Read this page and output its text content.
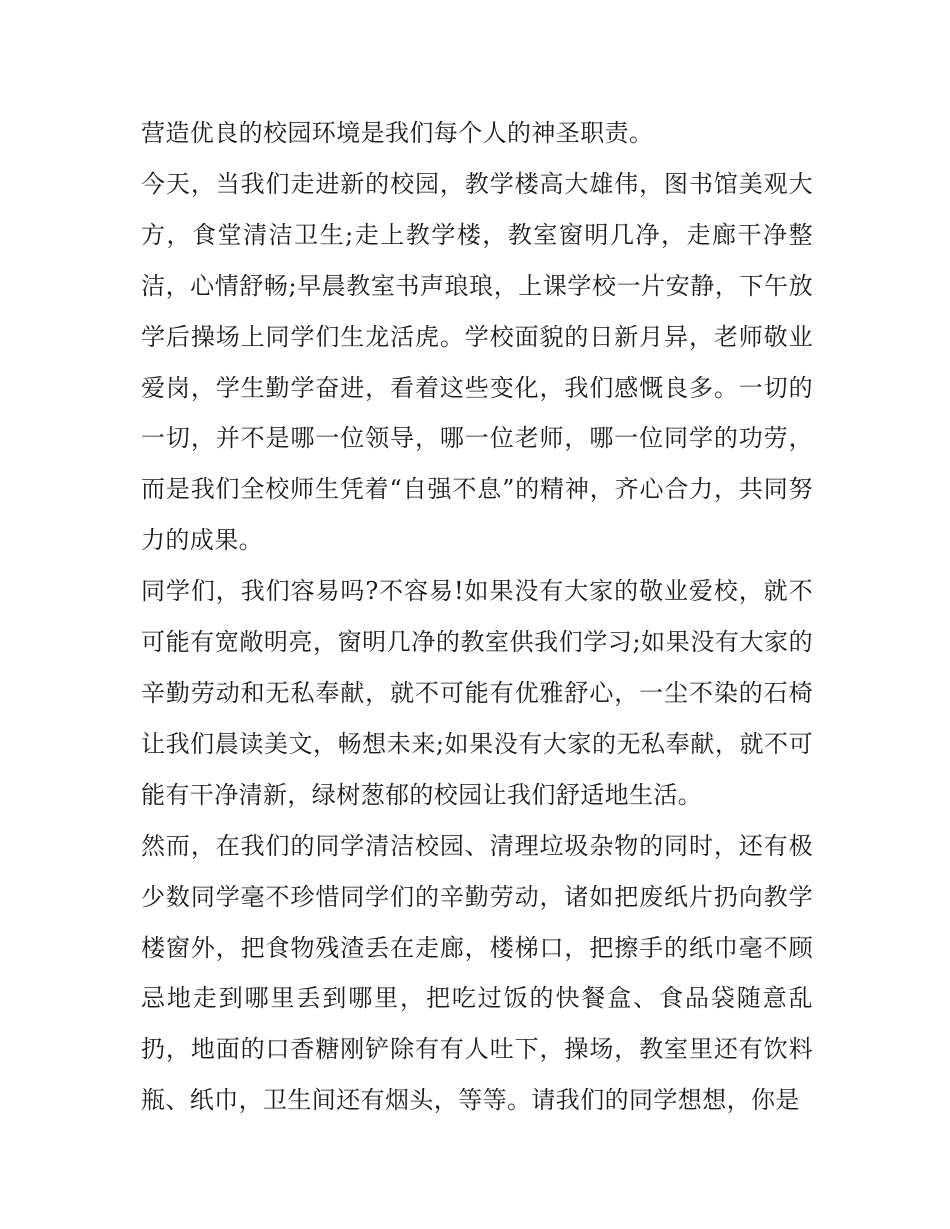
营造优良的校园环境是我们每个人的神圣职责。

今天，当我们走进新的校园，教学楼高大雄伟，图书馆美观大方，食堂清洁卫生;走上教学楼，教室窗明几净，走廊干净整洁，心情舒畅;早晨教室书声琅琅，上课学校一片安静，下午放学后操场上同学们生龙活虎。学校面貌的日新月异，老师敬业爱岗，学生勤学奋进，看着这些变化，我们感慨良多。一切的一切，并不是哪一位领导，哪一位老师，哪一位同学的功劳，而是我们全校师生凭着“自强不息”的精神，齐心合力，共同努力的成果。

同学们，我们容易吗?不容易!如果没有大家的敬业爱校，就不可能有宽敞明亮，窗明几净的教室供我们学习;如果没有大家的辛勤劳动和无私奉献，就不可能有优雅舒心，一尘不染的石椅让我们晨读美文，畅想未来;如果没有大家的无私奉献，就不可能有干净清新，绿树葱郁的校园让我们舒适地生活。

然而，在我们的同学清洁校园、清理垃圾杂物的同时，还有极少数同学毫不珍惜同学们的辛勤劳动，诸如把废纸片扔向教学楼窗外，把食物残渣丢在走廊，楼梯口，把擦手的纸巾毫不顾忌地走到哪里丢到哪里，把吃过饭的快餐盒、食品袋随意乱扔，地面的口香糖刚铲除有有人吐下，操场，教室里还有饮料瓶、纸巾，卫生间还有烟头，等等。请我们的同学想想，你是
